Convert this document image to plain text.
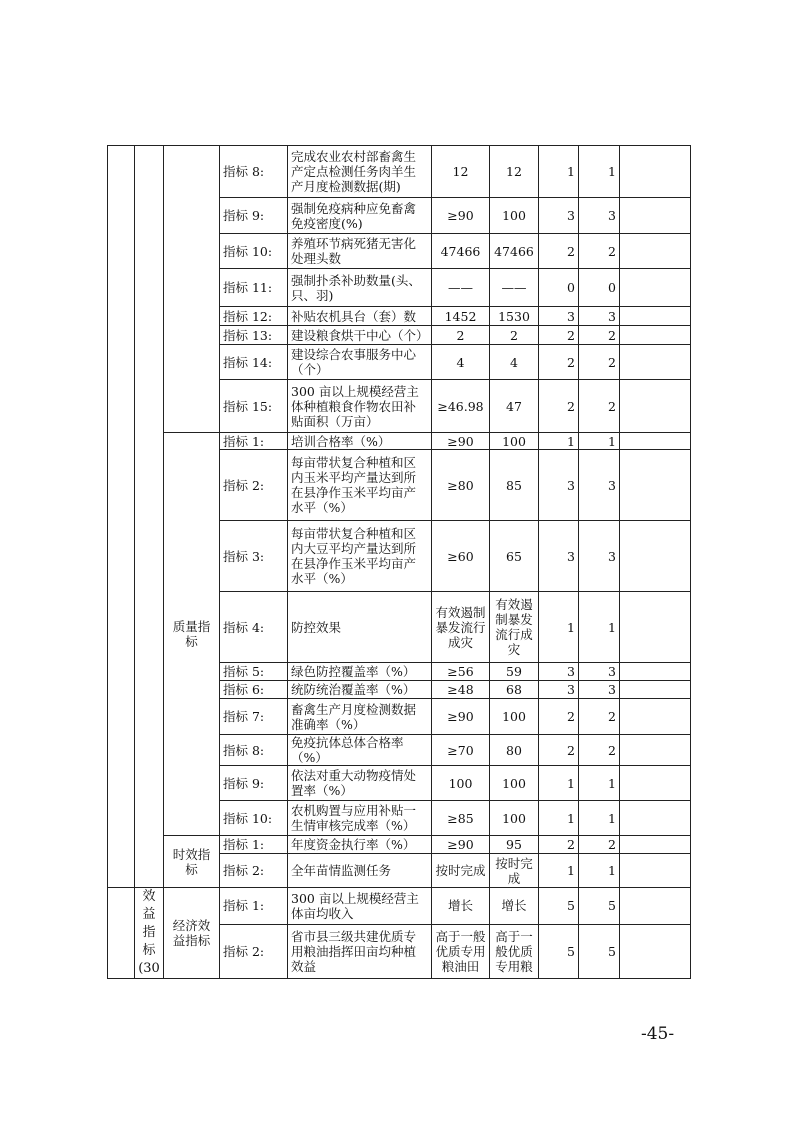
			指标 8:	完成农业农村部畜禽生产定点检测任务肉羊生产月度检测数据(期)	12	12	1	1	
			指标 9:	强制免疫病种应免畜禽免疫密度(%)	≥90	100	3	3	
			指标 10:	养殖环节病死猪无害化处理头数	47466	47466	2	2	
			指标 11:	强制扑杀补助数量(头、只、羽)	——	——	0	0	
			指标 12:	补贴农机具台（套）数	1452	1530	3	3	
			指标 13:	建设粮食烘干中心（个）	2	2	2	2	
			指标 14:	建设综合农事服务中心（个）	4	4	2	2	
			指标 15:	300 亩以上规模经营主体种植粮食作物农田补贴面积（万亩）	≥46.98	47	2	2	
		质量指标	指标 1:	培训合格率（%）	≥90	100	1	1	
			指标 2:	每亩带状复合种植和区内玉米平均产量达到所在县净作玉米平均亩产水平（%）	≥80	85	3	3	
			指标 3:	每亩带状复合种植和区内大豆平均产量达到所在县净作玉米平均亩产水平（%）	≥60	65	3	3	
			指标 4:	防控效果	有效遏制暴发流行成灾	有效遏制暴发流行成灾	1	1	
			指标 5:	绿色防控覆盖率（%）	≥56	59	3	3	
			指标 6:	统防统治覆盖率（%）	≥48	68	3	3	
			指标 7:	畜禽生产月度检测数据准确率（%）	≥90	100	2	2	
			指标 8:	免疫抗体总体合格率（%）	≥70	80	2	2	
			指标 9:	依法对重大动物疫情处置率（%）	100	100	1	1	
			指标 10:	农机购置与应用补贴一生情审核完成率（%）	≥85	100	1	1	
		时效指标	指标 1:	年度资金执行率（%）	≥90	95	2	2	
			指标 2:	全年苗情监测任务	按时完成	按时完成	1	1	

	效益指标(30	经济效益指标	指标 1:	300 亩以上规模经营主体亩均收入	增长	增长	5	5	
			指标 2:	省市县三级共建优质专用粮油指挥田亩均种植效益	高于一般优质专用粮油田	高于一般优质专用粮	5	5	
-45-
